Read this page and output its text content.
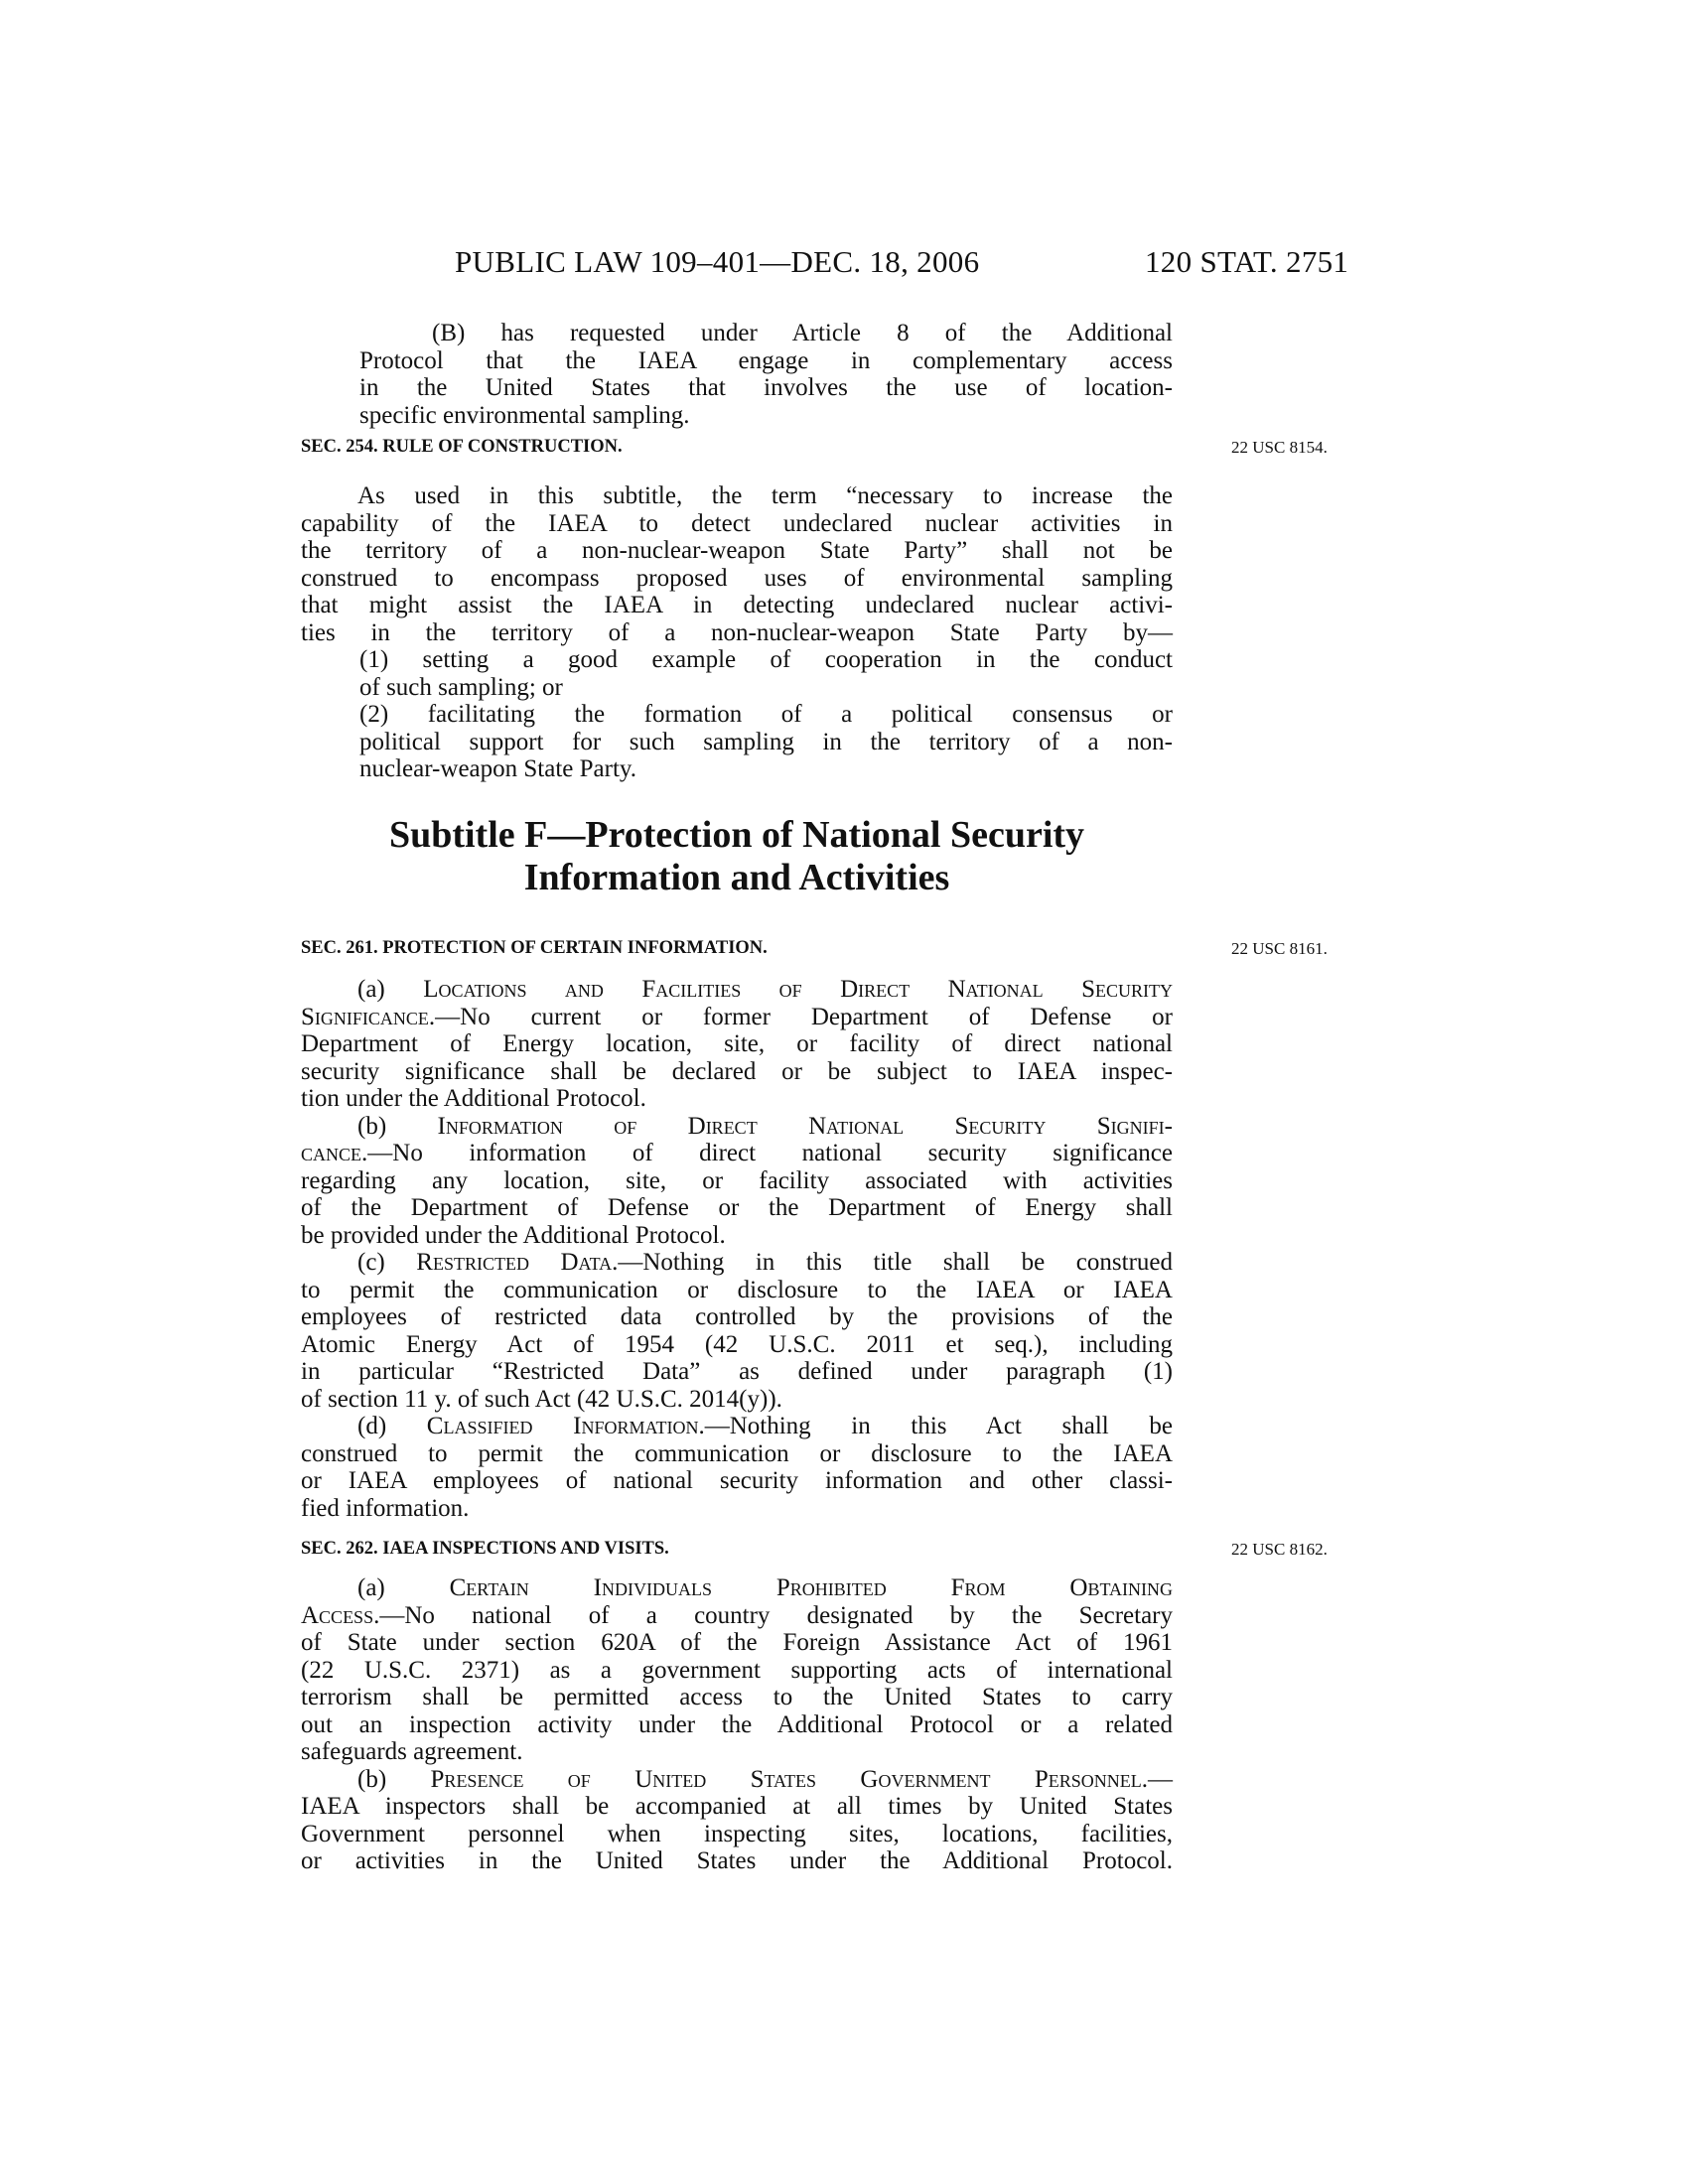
PUBLIC LAW 109–401—DEC. 18, 2006	120 STAT. 2751
(B) has requested under Article 8 of the Additional
Protocol that the IAEA engage in complementary access
in the United States that involves the use of location-
specific environmental sampling.
SEC. 254. RULE OF CONSTRUCTION.	22 USC 8154.
As used in this subtitle, the term “necessary to increase the
capability of the IAEA to detect undeclared nuclear activities in
the territory of a non-nuclear-weapon State Party” shall not be
construed to encompass proposed uses of environmental sampling
that might assist the IAEA in detecting undeclared nuclear activi-
ties in the territory of a non-nuclear-weapon State Party by—
(1) setting a good example of cooperation in the conduct
of such sampling; or
(2) facilitating the formation of a political consensus or
political support for such sampling in the territory of a non-
nuclear-weapon State Party.
Subtitle F—Protection of National Security
Information and Activities
SEC. 261. PROTECTION OF CERTAIN INFORMATION.	22 USC 8161.
(a) Locations and Facilities of Direct National Security
Significance.—No current or former Department of Defense or
Department of Energy location, site, or facility of direct national
security significance shall be declared or be subject to IAEA inspec-
tion under the Additional Protocol.
(b) Information of Direct National Security Signifi-
cance.—No information of direct national security significance
regarding any location, site, or facility associated with activities
of the Department of Defense or the Department of Energy shall
be provided under the Additional Protocol.
(c) Restricted Data.—Nothing in this title shall be construed
to permit the communication or disclosure to the IAEA or IAEA
employees of restricted data controlled by the provisions of the
Atomic Energy Act of 1954 (42 U.S.C. 2011 et seq.), including
in particular “Restricted Data” as defined under paragraph (1)
of section 11 y. of such Act (42 U.S.C. 2014(y)).
(d) Classified Information.—Nothing in this Act shall be
construed to permit the communication or disclosure to the IAEA
or IAEA employees of national security information and other classi-
fied information.
SEC. 262. IAEA INSPECTIONS AND VISITS.	22 USC 8162.
(a) Certain Individuals Prohibited From Obtaining
Access.—No national of a country designated by the Secretary
of State under section 620A of the Foreign Assistance Act of 1961
(22 U.S.C. 2371) as a government supporting acts of international
terrorism shall be permitted access to the United States to carry
out an inspection activity under the Additional Protocol or a related
safeguards agreement.
(b) Presence of United States Government Personnel.—
IAEA inspectors shall be accompanied at all times by United States
Government personnel when inspecting sites, locations, facilities,
or activities in the United States under the Additional Protocol.
